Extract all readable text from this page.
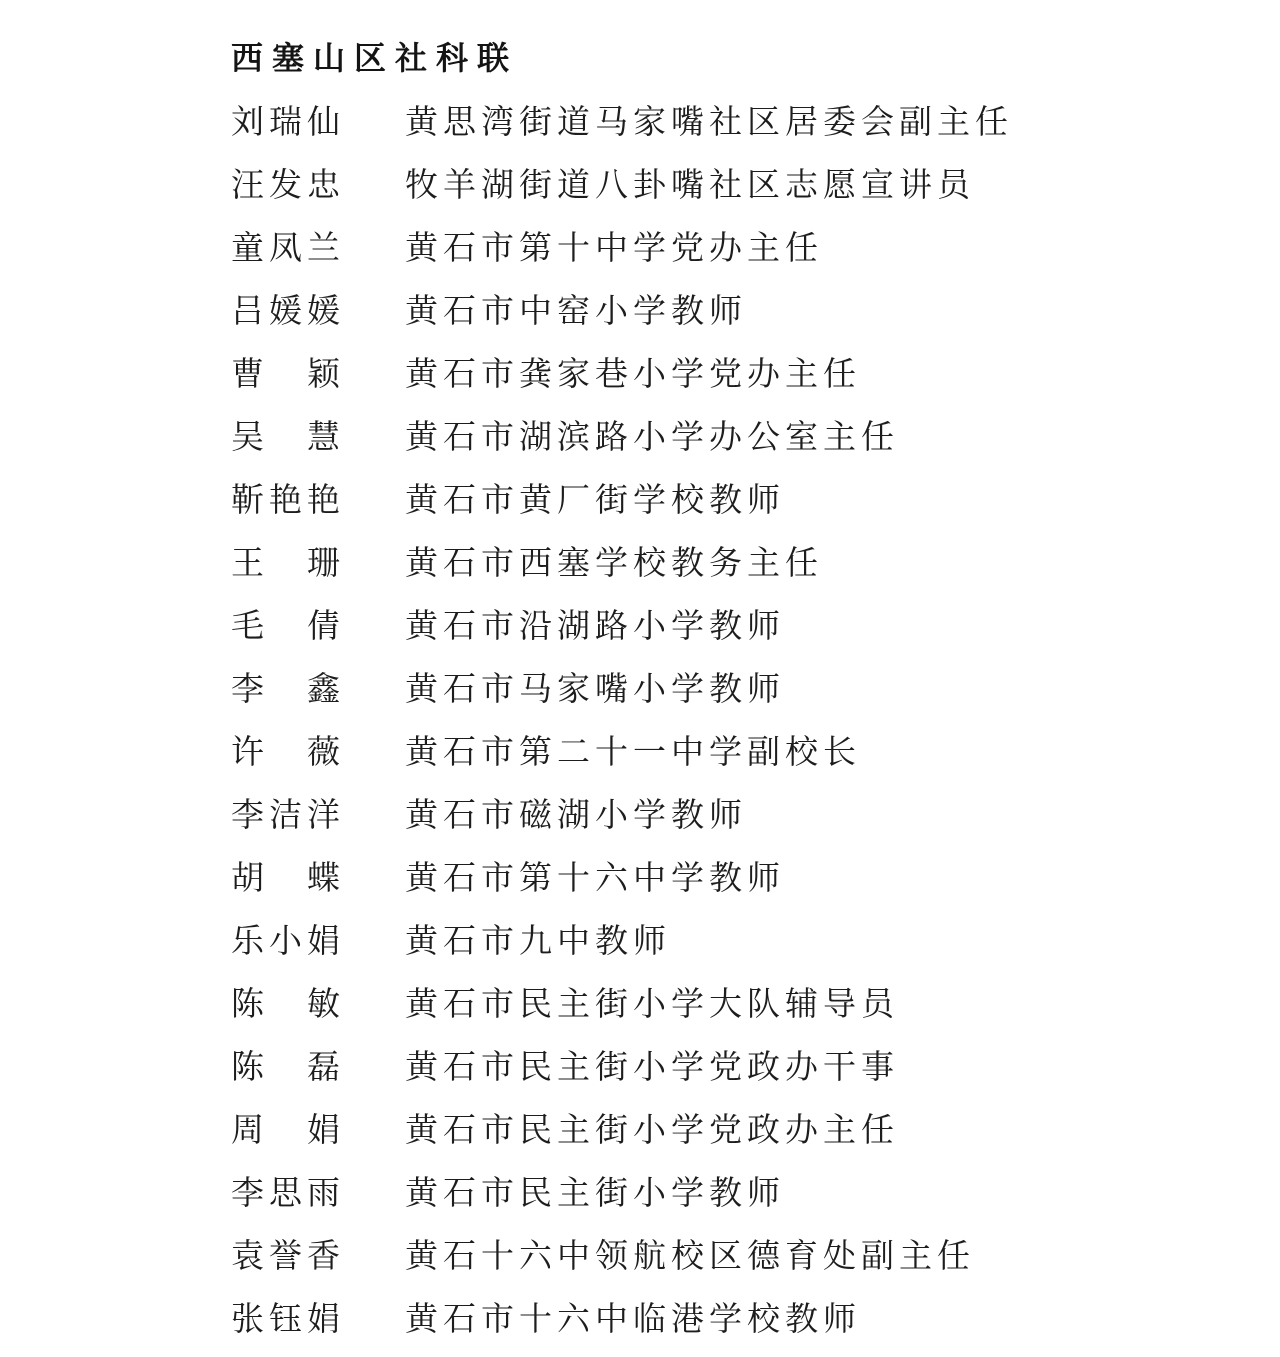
西塞山区社科联
刘瑞仙	黄思湾街道马家嘴社区居委会副主任
汪发忠	牧羊湖街道八卦嘴社区志愿宣讲员
童凤兰	黄石市第十中学党办主任
吕媛媛	黄石市中窑小学教师
曹　颖	黄石市龚家巷小学党办主任
吴　慧	黄石市湖滨路小学办公室主任
靳艳艳	黄石市黄厂街学校教师
王　珊	黄石市西塞学校教务主任
毛　倩	黄石市沿湖路小学教师
李　鑫	黄石市马家嘴小学教师
许　薇	黄石市第二十一中学副校长
李洁洋	黄石市磁湖小学教师
胡　蝶	黄石市第十六中学教师
乐小娟	黄石市九中教师
陈　敏	黄石市民主街小学大队辅导员
陈　磊	黄石市民主街小学党政办干事
周　娟	黄石市民主街小学党政办主任
李思雨	黄石市民主街小学教师
袁誉香	黄石十六中领航校区德育处副主任
张钰娟	黄石市十六中临港学校教师
